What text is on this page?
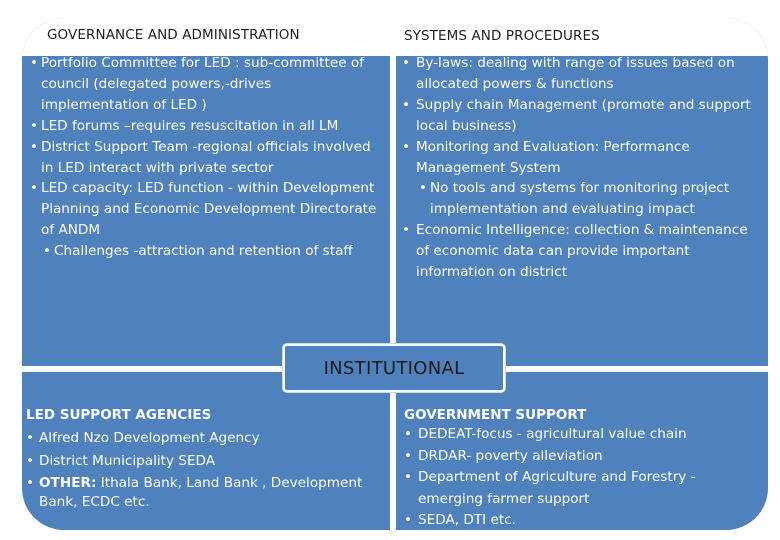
GOVERNANCE AND ADMINISTRATION
• Portfolio Committee for LED : sub-committee of council (delegated powers,-drives implementation of LED )
• LED forums –requires resuscitation in all LM
• District Support Team -regional officials involved in LED interact with private sector
• LED capacity: LED function - within Development Planning and Economic Development Directorate of ANDM
• Challenges -attraction and retention of staff
SYSTEMS AND PROCEDURES
• By-laws: dealing with range of issues based on allocated powers & functions
• Supply chain Management (promote and support local business)
• Monitoring and Evaluation: Performance Management System
• No tools and systems for monitoring project implementation and evaluating impact
• Economic Intelligence: collection & maintenance of economic data can provide important information on district
LED SUPPORT AGENCIES
• Alfred Nzo Development Agency
• District Municipality SEDA
• OTHER: Ithala Bank, Land Bank , Development Bank, ECDC etc.
GOVERNMENT SUPPORT
• DEDEAT-focus - agricultural value chain
• DRDAR- poverty alleviation
• Department of Agriculture and Forestry - emerging farmer support
• SEDA, DTI etc.
INSTITUTIONAL
